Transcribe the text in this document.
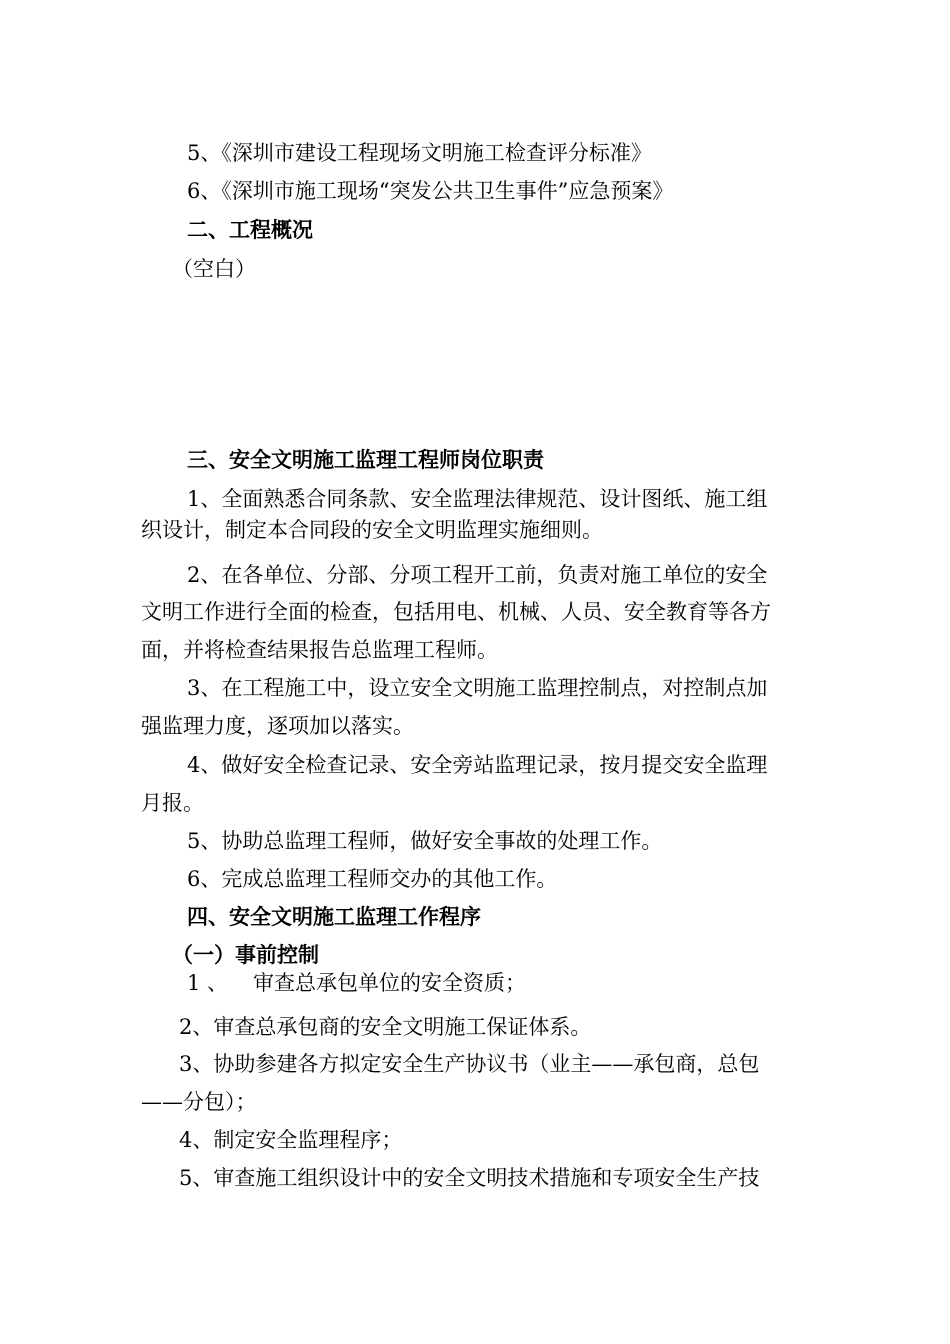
5、《深圳市建设工程现场文明施工检查评分标准》
6、《深圳市施工现场“突发公共卫生事件”应急预案》
二、工程概况
（空白）
三、安全文明施工监理工程师岗位职责
1、全面熟悉合同条款、安全监理法律规范、设计图纸、施工组
织设计，制定本合同段的安全文明监理实施细则。
2、在各单位、分部、分项工程开工前，负责对施工单位的安全
文明工作进行全面的检查，包括用电、机械、人员、安全教育等各方
面，并将检查结果报告总监理工程师。
3、在工程施工中，设立安全文明施工监理控制点，对控制点加
强监理力度，逐项加以落实。
4、做好安全检查记录、安全旁站监理记录，按月提交安全监理
月报。
5、协助总监理工程师，做好安全事故的处理工作。
6、完成总监理工程师交办的其他工作。
四、安全文明施工监理工作程序
（一）事前控制
1 、 审查总承包单位的安全资质；
2、审查总承包商的安全文明施工保证体系。
3、协助参建各方拟定安全生产协议书（业主——承包商，总包
——分包）；
4、制定安全监理程序；
5、审查施工组织设计中的安全文明技术措施和专项安全生产技
